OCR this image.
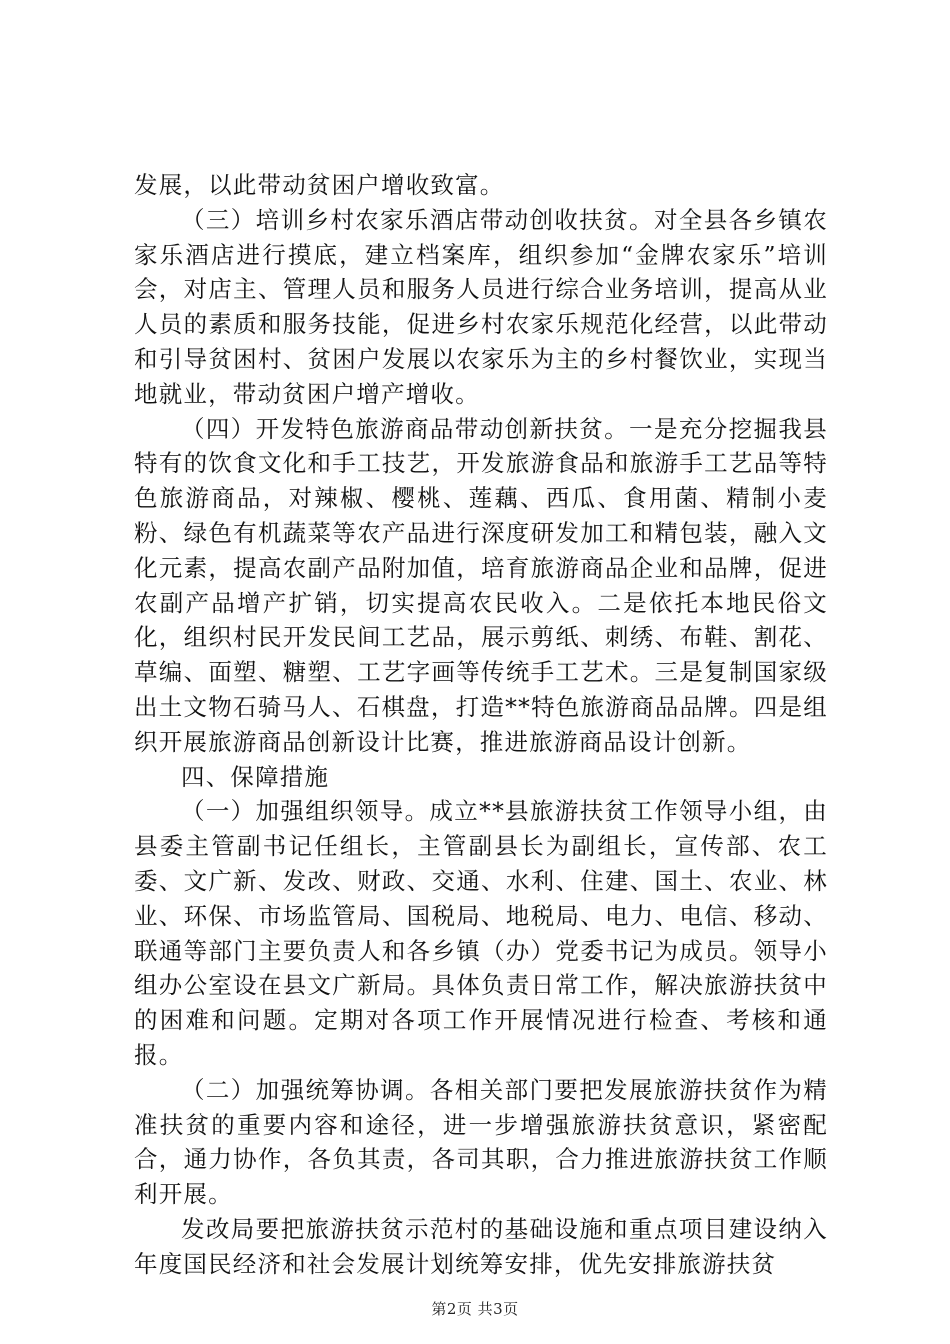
发展，以此带动贫困户增收致富。

（三）培训乡村农家乐酒店带动创收扶贫。对全县各乡镇农家乐酒店进行摸底，建立档案库，组织参加“金牌农家乐”培训会，对店主、管理人员和服务人员进行综合业务培训，提高从业人员的素质和服务技能，促进乡村农家乐规范化经营，以此带动和引导贫困村、贫困户发展以农家乐为主的乡村餐饮业，实现当地就业，带动贫困户增产增收。

（四）开发特色旅游商品带动创新扶贫。一是充分挖掘我县特有的饮食文化和手工技艺，开发旅游食品和旅游手工艺品等特色旅游商品，对辣椒、樱桃、莲藕、西瓜、食用菌、精制小麦粉、绿色有机蔬菜等农产品进行深度研发加工和精包装，融入文化元素，提高农副产品附加值，培育旅游商品企业和品牌，促进农副产品增产扩销，切实提高农民收入。二是依托本地民俗文化，组织村民开发民间工艺品，展示剪纸、刺绣、布鞋、割花、草编、面塑、糖塑、工艺字画等传统手工艺术。三是复制国家级出土文物石骑马人、石棋盘，打造**特色旅游商品品牌。四是组织开展旅游商品创新设计比赛，推进旅游商品设计创新。

四、保障措施

（一）加强组织领导。成立**县旅游扶贫工作领导小组，由县委主管副书记任组长，主管副县长为副组长，宣传部、农工委、文广新、发改、财政、交通、水利、住建、国土、农业、林业、环保、市场监管局、国税局、地税局、电力、电信、移动、联通等部门主要负责人和各乡镇（办）党委书记为成员。领导小组办公室设在县文广新局。具体负责日常工作，解决旅游扶贫中的困难和问题。定期对各项工作开展情况进行检查、考核和通报。

（二）加强统筹协调。各相关部门要把发展旅游扶贫作为精准扶贫的重要内容和途径，进一步增强旅游扶贫意识，紧密配合，通力协作，各负其责，各司其职，合力推进旅游扶贫工作顺利开展。

发改局要把旅游扶贫示范村的基础设施和重点项目建设纳入年度国民经济和社会发展计划统筹安排，优先安排旅游扶贫

第2页 共3页
